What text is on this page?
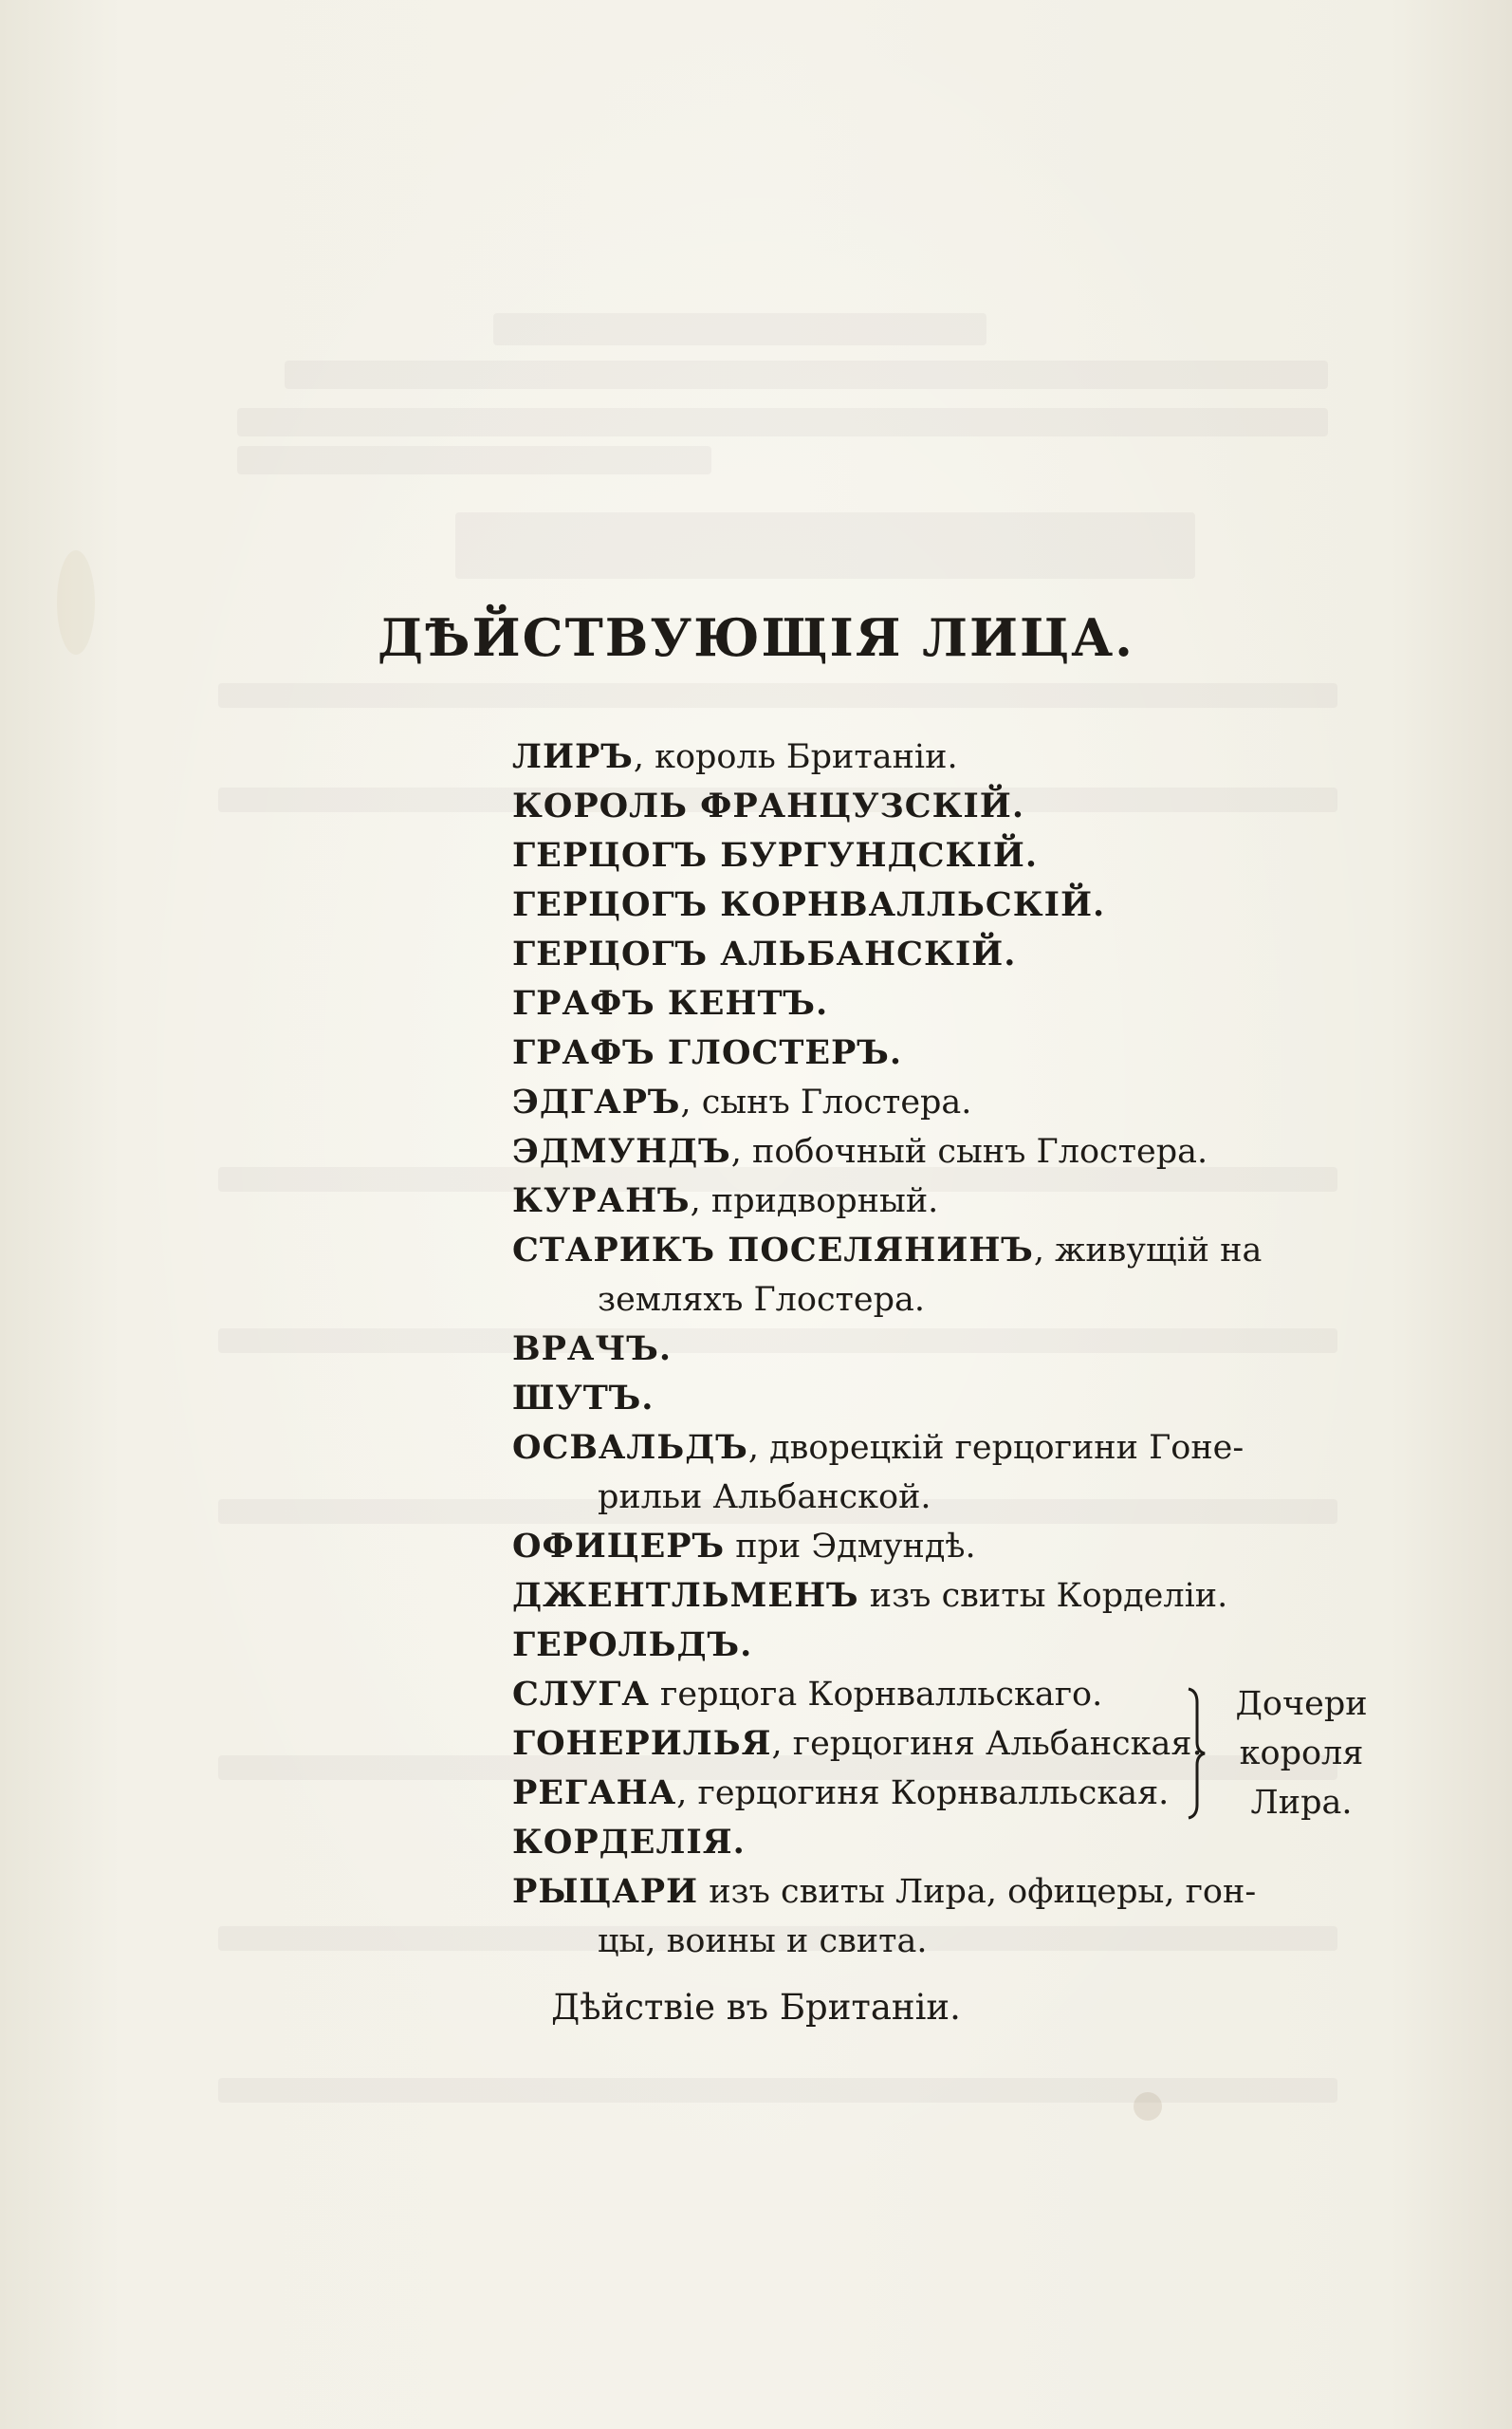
ДѢЙСТВУЮЩІЯ ЛИЦА.
ЛИРЪ, король Британіи.
КОРОЛЬ ФРАНЦУЗСКІЙ.
ГЕРЦОГЪ БУРГУНДСКІЙ.
ГЕРЦОГЪ КОРНВАЛЛЬСКІЙ.
ГЕРЦОГЪ АЛЬБАНСКІЙ.
ГРАФЪ КЕНТЪ.
ГРАФЪ ГЛОСТЕРЪ.
ЭДГАРЪ, сынъ Глостера.
ЭДМУНДЪ, побочный сынъ Глостера.
КУРАНЪ, придворный.
СТАРИКЪ ПОСЕЛЯНИНЪ, живущій на
земляхъ Глостера.
ВРАЧЪ.
ШУТЪ.
ОСВАЛЬДЪ, дворецкій герцогини Гоне-
рильи Альбанской.
ОФИЦЕРЪ при Эдмундѣ.
ДЖЕНТЛЬМЕНЪ изъ свиты Корделіи.
ГЕРОЛЬДЪ.
СЛУГА герцога Корнвалльскаго.
ГОНЕРИЛЬЯ, герцогиня Альбанская.
РЕГАНА, герцогиня Корнвалльская.
КОРДЕЛІЯ.
РЫЦАРИ изъ свиты Лира, офицеры, гон-
цы, воины и свита.
Дочери
короля
Лира.

Дѣйствіе въ Британіи.
